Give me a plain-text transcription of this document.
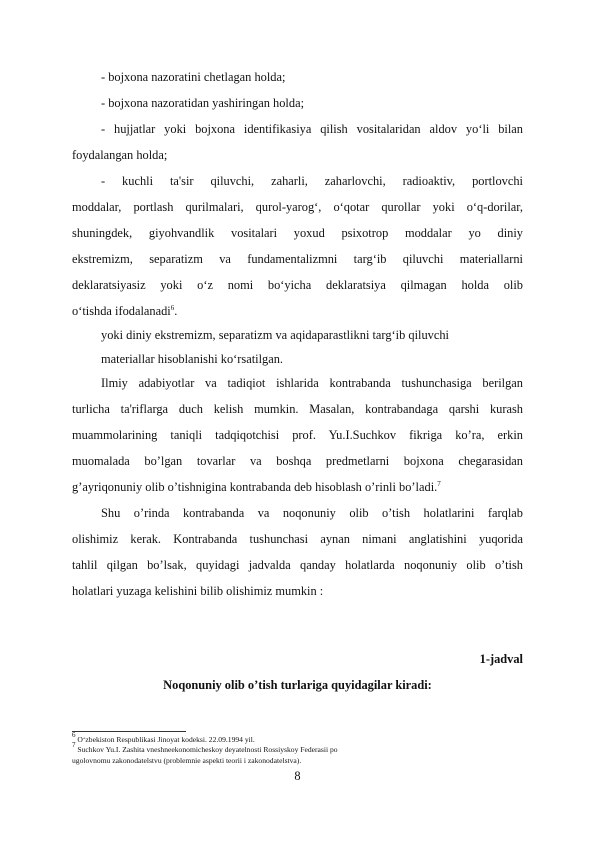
- bojxona nazoratini chetlagan holda;
- bojxona nazoratidan yashiringan holda;
- hujjatlar yoki bojxona identifikasiya qilish vositalaridan aldov yo‘li bilan
foydalangan holda;
- kuchli ta'sir qiluvchi, zaharli, zaharlovchi, radioaktiv, portlovchi
moddalar, portlash qurilmalari, qurol-yarog‘, o‘qotar qurollar yoki o‘q-dorilar,
shuningdek, giyohvandlik vositalari yoxud psixotrop moddalar yo diniy
ekstremizm, separatizm va fundamentalizmni targ‘ib qiluvchi materiallarni
deklaratsiyasiz yoki o‘z nomi bo‘yicha deklaratsiya qilmagan holda olib
o‘tishda ifodalanadi$^6$.
yoki diniy ekstremizm, separatizm va aqidaparastlikni targ‘ib qiluvchi
materiallar hisoblanishi ko‘rsatilgan.
Ilmiy adabiyotlar va tadiqiot ishlarida kontrabanda tushunchasiga berilgan
turlicha ta'riflarga duch kelish mumkin. Masalan, kontrabandaga qarshi kurash
muammolarining taniqli tadqiqotchisi prof. Yu.I.Suchkov fikriga ko’ra, erkin
muomalada bo’lgan tovarlar va boshqa predmetlarni bojxona chegarasidan
g’ayriqonuniy olib o’tishnigina kontrabanda deb hisoblash o’rinli bo’ladi.$^7$
Shu o’rinda kontrabanda va noqonuniy olib o’tish holatlarini farqlab
olishimiz kerak. Kontrabanda tushunchasi aynan nimani anglatishini yuqorida
tahlil qilgan bo’lsak, quyidagi jadvalda qanday holatlarda noqonuniy olib o’tish
holatlari yuzaga kelishini bilib olishimiz mumkin :
1-jadval
Noqonuniy olib o’tish turlariga quyidagilar kiradi:
$^6$ O‘zbekiston Respublikasi Jinoyat kodeksi. 22.09.1994 yil.
$^7$ Suchkov Yu.I. Zashita vneshneekonomicheskoy deyatelnosti Rossiyskoy Federasii po
ugolovnomu zakonodatelstvu (problemnie aspekti teorii i zakonodatelstva).
8
